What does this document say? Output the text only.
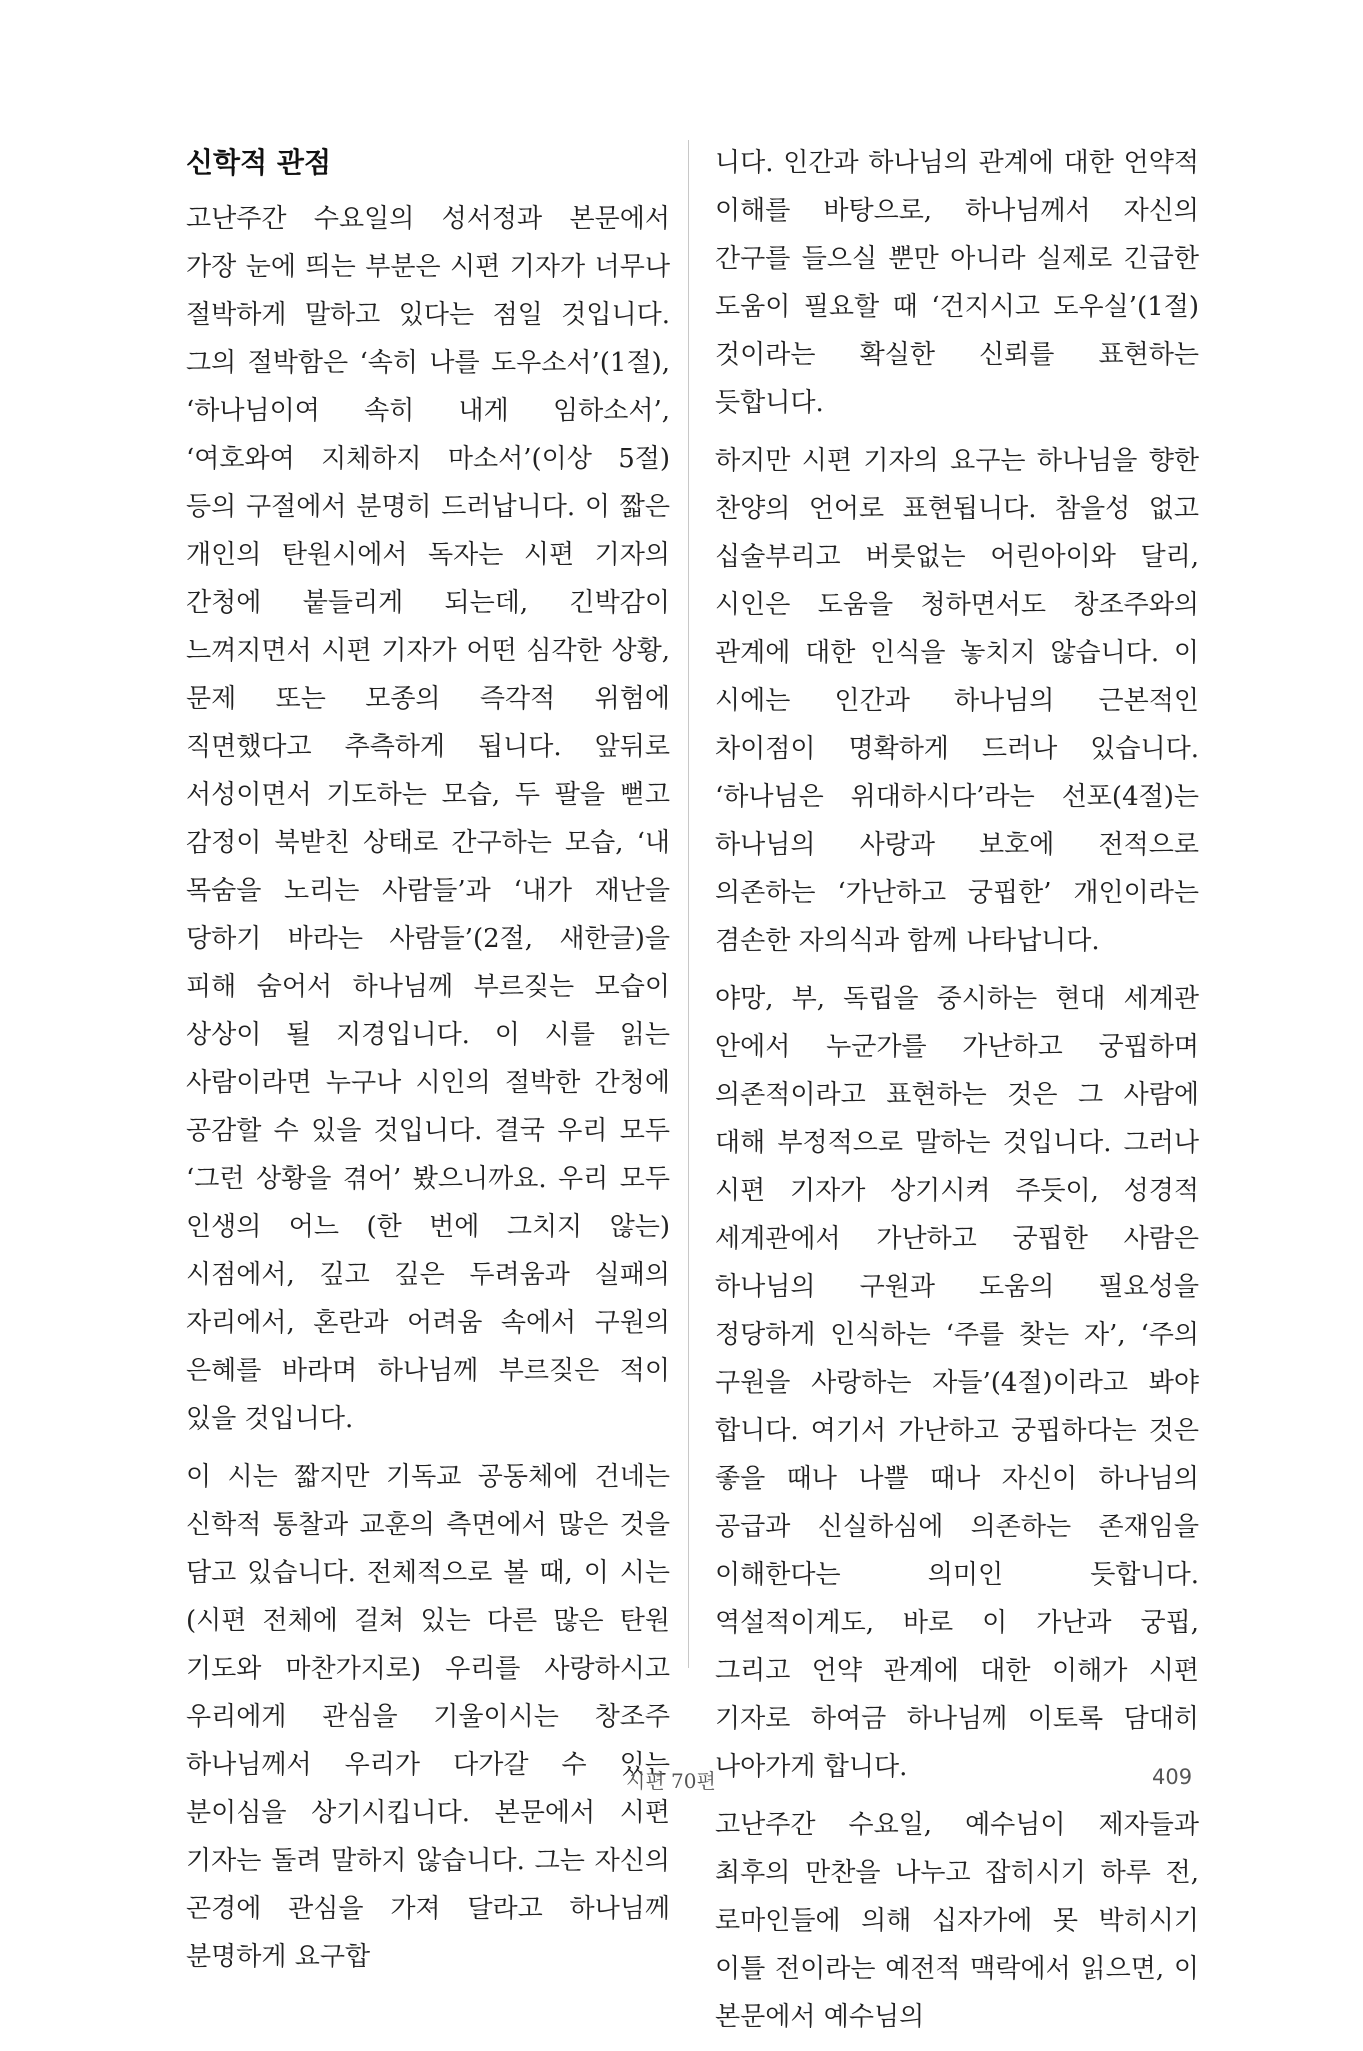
신학적 관점

고난주간 수요일의 성서정과 본문에서 가장 눈에 띄는 부분은 시편 기자가 너무나 절박하게 말하고 있다는 점일 것입니다. 그의 절박함은 ‘속히 나를 도우소서’(1절), ‘하나님이여 속히 내게 임하소서’, ‘여호와여 지체하지 마소서’(이상 5절) 등의 구절에서 분명히 드러납니다. 이 짧은 개인의 탄원시에서 독자는 시편 기자의 간청에 붙들리게 되는데, 긴박감이 느껴지면서 시편 기자가 어떤 심각한 상황, 문제 또는 모종의 즉각적 위험에 직면했다고 추측하게 됩니다. 앞뒤로 서성이면서 기도하는 모습, 두 팔을 뻗고 감정이 북받친 상태로 간구하는 모습, ‘내 목숨을 노리는 사람들’과 ‘내가 재난을 당하기 바라는 사람들’(2절, 새한글)을 피해 숨어서 하나님께 부르짖는 모습이 상상이 될 지경입니다. 이 시를 읽는 사람이라면 누구나 시인의 절박한 간청에 공감할 수 있을 것입니다. 결국 우리 모두 ‘그런 상황을 겪어’ 봤으니까요. 우리 모두 인생의 어느 (한 번에 그치지 않는) 시점에서, 깊고 깊은 두려움과 실패의 자리에서, 혼란과 어려움 속에서 구원의 은혜를 바라며 하나님께 부르짖은 적이 있을 것입니다.

이 시는 짧지만 기독교 공동체에 건네는 신학적 통찰과 교훈의 측면에서 많은 것을 담고 있습니다. 전체적으로 볼 때, 이 시는 (시편 전체에 걸쳐 있는 다른 많은 탄원 기도와 마찬가지로) 우리를 사랑하시고 우리에게 관심을 기울이시는 창조주 하나님께서 우리가 다가갈 수 있는 분이심을 상기시킵니다. 본문에서 시편 기자는 돌려 말하지 않습니다. 그는 자신의 곤경에 관심을 가져 달라고 하나님께 분명하게 요구합

니다. 인간과 하나님의 관계에 대한 언약적 이해를 바탕으로, 하나님께서 자신의 간구를 들으실 뿐만 아니라 실제로 긴급한 도움이 필요할 때 ‘건지시고 도우실’(1절) 것이라는 확실한 신뢰를 표현하는 듯합니다.

하지만 시편 기자의 요구는 하나님을 향한 찬양의 언어로 표현됩니다. 참을성 없고 십술부리고 버릇없는 어린아이와 달리, 시인은 도움을 청하면서도 창조주와의 관계에 대한 인식을 놓치지 않습니다. 이 시에는 인간과 하나님의 근본적인 차이점이 명확하게 드러나 있습니다. ‘하나님은 위대하시다’라는 선포(4절)는 하나님의 사랑과 보호에 전적으로 의존하는 ‘가난하고 궁핍한’ 개인이라는 겸손한 자의식과 함께 나타납니다.

야망, 부, 독립을 중시하는 현대 세계관 안에서 누군가를 가난하고 궁핍하며 의존적이라고 표현하는 것은 그 사람에 대해 부정적으로 말하는 것입니다. 그러나 시편 기자가 상기시켜 주듯이, 성경적 세계관에서 가난하고 궁핍한 사람은 하나님의 구원과 도움의 필요성을 정당하게 인식하는 ‘주를 찾는 자’, ‘주의 구원을 사랑하는 자들’(4절)이라고 봐야 합니다. 여기서 가난하고 궁핍하다는 것은 좋을 때나 나쁠 때나 자신이 하나님의 공급과 신실하심에 의존하는 존재임을 이해한다는 의미인 듯합니다. 역설적이게도, 바로 이 가난과 궁핍, 그리고 언약 관계에 대한 이해가 시편 기자로 하여금 하나님께 이토록 담대히 나아가게 합니다.

고난주간 수요일, 예수님이 제자들과 최후의 만찬을 나누고 잡히시기 하루 전, 로마인들에 의해 십자가에 못 박히시기 이틀 전이라는 예전적 맥락에서 읽으면, 이 본문에서 예수님의

시편 70편	409
